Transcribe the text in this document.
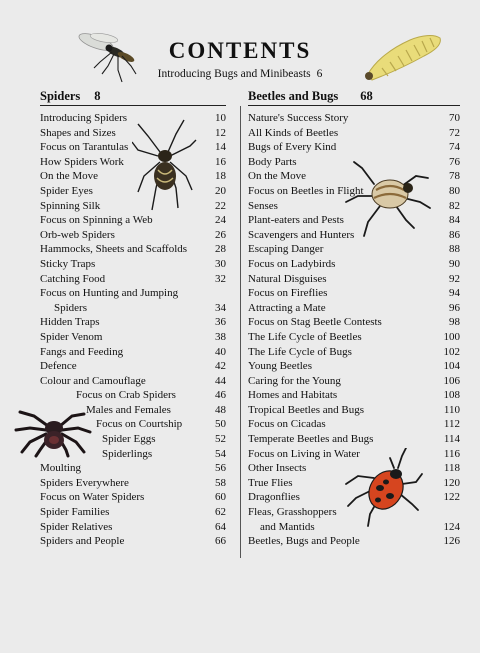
CONTENTS
Introducing Bugs and Minibeasts 6
Spiders 8
Introducing Spiders	10
Shapes and Sizes	12
Focus on Tarantulas	14
How Spiders Work	16
On the Move	18
Spider Eyes	20
Spinning Silk	22
Focus on Spinning a Web	24
Orb-web Spiders	26
Hammocks, Sheets and Scaffolds	28
Sticky Traps	30
Catching Food	32
Focus on Hunting and Jumping
Spiders	34
Hidden Traps	36
Spider Venom	38
Fangs and Feeding	40
Defence	42
Colour and Camouflage	44
Focus on Crab Spiders	46
Males and Females	48
Focus on Courtship	50
Spider Eggs	52
Spiderlings	54
Moulting	56
Spiders Everywhere	58
Focus on Water Spiders	60
Spider Families	62
Spider Relatives	64
Spiders and People	66
Beetles and Bugs 68
Nature's Success Story	70
All Kinds of Beetles	72
Bugs of Every Kind	74
Body Parts	76
On the Move	78
Focus on Beetles in Flight	80
Senses	82
Plant-eaters and Pests	84
Scavengers and Hunters	86
Escaping Danger	88
Focus on Ladybirds	90
Natural Disguises	92
Focus on Fireflies	94
Attracting a Mate	96
Focus on Stag Beetle Contests	98
The Life Cycle of Beetles	100
The Life Cycle of Bugs	102
Young Beetles	104
Caring for the Young	106
Homes and Habitats	108
Tropical Beetles and Bugs	110
Focus on Cicadas	112
Temperate Beetles and Bugs	114
Focus on Living in Water	116
Other Insects	118
True Flies	120
Dragonflies	122
Fleas, Grasshoppers
and Mantids	124
Beetles, Bugs and People	126
